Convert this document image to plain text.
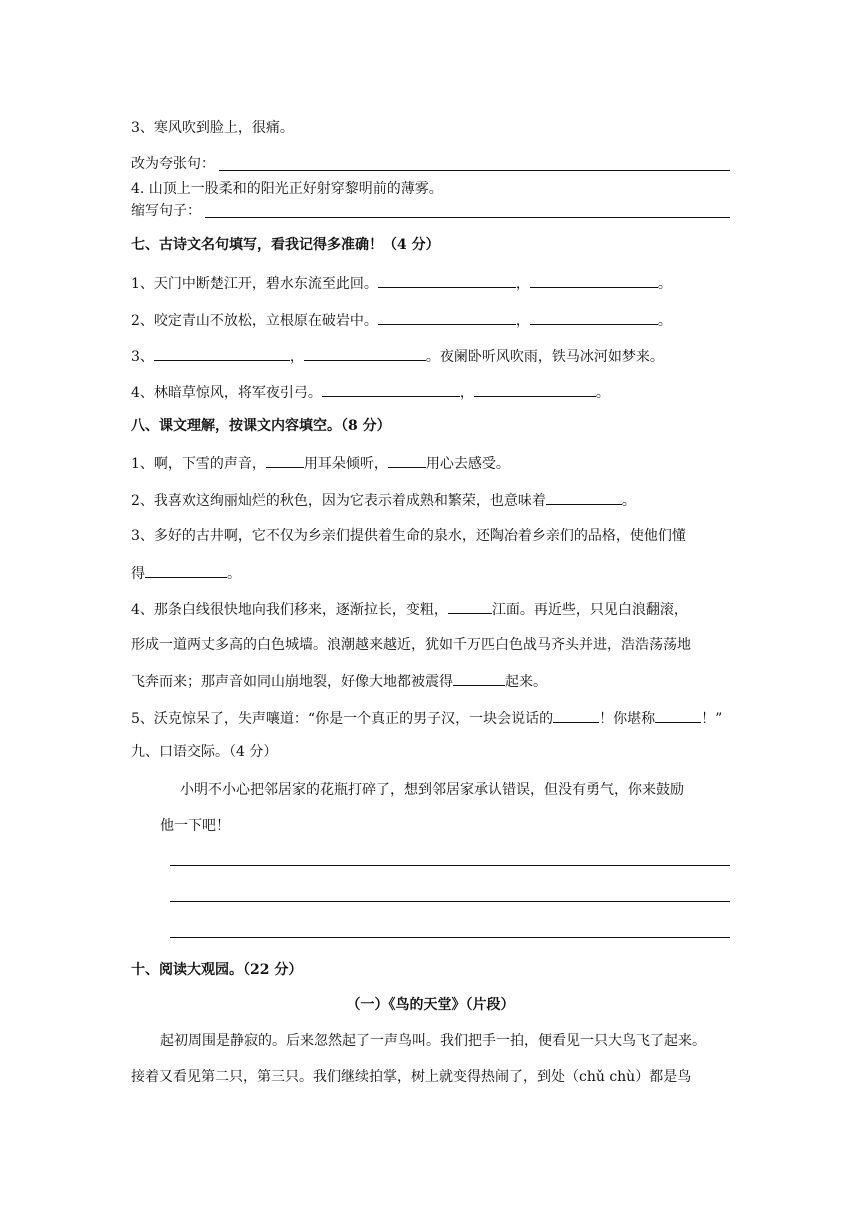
3、寒风吹到脸上，很痛。
改为夸张句：
4. 山顶上一股柔和的阳光正好射穿黎明前的薄雾。
缩写句子：
七、古诗文名句填写，看我记得多准确！（4 分）
1、天门中断楚江开，碧水东流至此回。	，	。
2、咬定青山不放松，立根原在破岩中。	，	。
3、	，	。夜阑卧听风吹雨，铁马冰河如梦来。
4、林暗草惊风，将军夜引弓。	，	。
八、课文理解，按课文内容填空。（8 分）
1、啊，下雪的声音，	用耳朵倾听，	用心去感受。
2、我喜欢这绚丽灿烂的秋色，因为它表示着成熟和繁荣，也意味着	。
3、多好的古井啊，它不仅为乡亲们提供着生命的泉水，还陶冶着乡亲们的品格，使他们懂
得	。
4、那条白线很快地向我们移来，逐渐拉长，变粗，	江面。再近些，只见白浪翻滚，
形成一道两丈多高的白色城墙。浪潮越来越近，犹如千万匹白色战马齐头并进，浩浩荡荡地
飞奔而来；那声音如同山崩地裂，好像大地都被震得	起来。
5、沃克惊呆了，失声嚷道：“你是一个真正的男子汉，一块会说话的	！你堪称	！”
九、口语交际。（4 分）
小明不小心把邻居家的花瓶打碎了，想到邻居家承认错误，但没有勇气，你来鼓励
他一下吧！
十、阅读大观园。（22 分）
（一）《鸟的天堂》（片段）
起初周围是静寂的。后来忽然起了一声鸟叫。我们把手一拍，便看见一只大鸟飞了起来。
接着又看见第二只，第三只。我们继续拍掌，树上就变得热闹了，到处（chǔ chù）都是鸟
